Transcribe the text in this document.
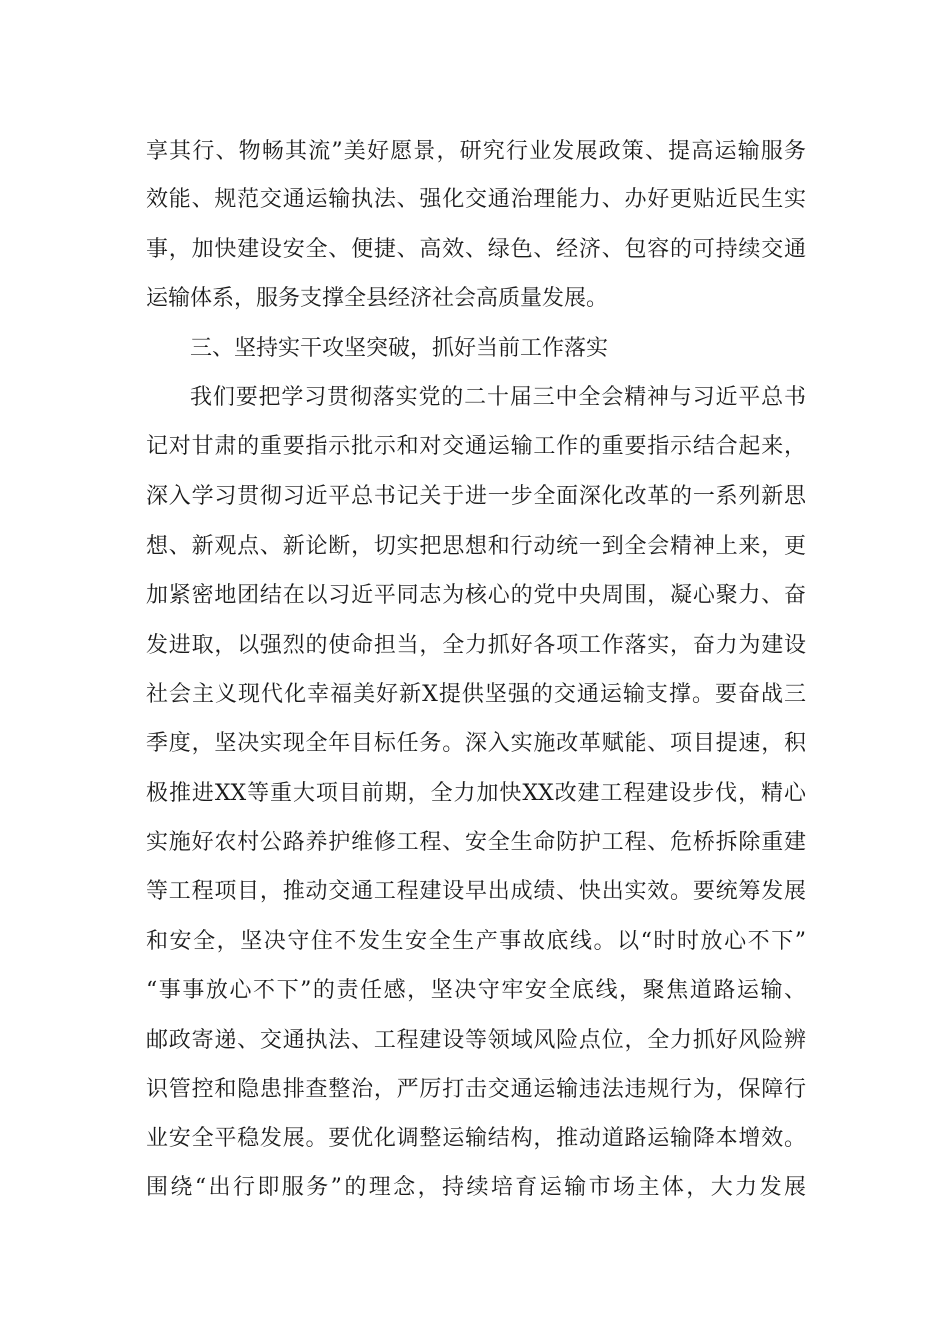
享其行、物畅其流”美好愿景，研究行业发展政策、提高运输服务
效能、规范交通运输执法、强化交通治理能力、办好更贴近民生实
事，加快建设安全、便捷、高效、绿色、经济、包容的可持续交通
运输体系，服务支撑全县经济社会高质量发展。
三、坚持实干攻坚突破，抓好当前工作落实
我们要把学习贯彻落实党的二十届三中全会精神与习近平总书
记对甘肃的重要指示批示和对交通运输工作的重要指示结合起来，
深入学习贯彻习近平总书记关于进一步全面深化改革的一系列新思
想、新观点、新论断，切实把思想和行动统一到全会精神上来，更
加紧密地团结在以习近平同志为核心的党中央周围，凝心聚力、奋
发进取，以强烈的使命担当，全力抓好各项工作落实，奋力为建设
社会主义现代化幸福美好新X提供坚强的交通运输支撑。要奋战三
季度，坚决实现全年目标任务。深入实施改革赋能、项目提速，积
极推进XX等重大项目前期，全力加快XX改建工程建设步伐，精心
实施好农村公路养护维修工程、安全生命防护工程、危桥拆除重建
等工程项目，推动交通工程建设早出成绩、快出实效。要统筹发展
和安全，坚决守住不发生安全生产事故底线。以“时时放心不下”
“事事放心不下”的责任感，坚决守牢安全底线，聚焦道路运输、
邮政寄递、交通执法、工程建设等领域风险点位，全力抓好风险辨
识管控和隐患排查整治，严厉打击交通运输违法违规行为，保障行
业安全平稳发展。要优化调整运输结构，推动道路运输降本增效。
围绕“出行即服务”的理念，持续培育运输市场主体，大力发展
